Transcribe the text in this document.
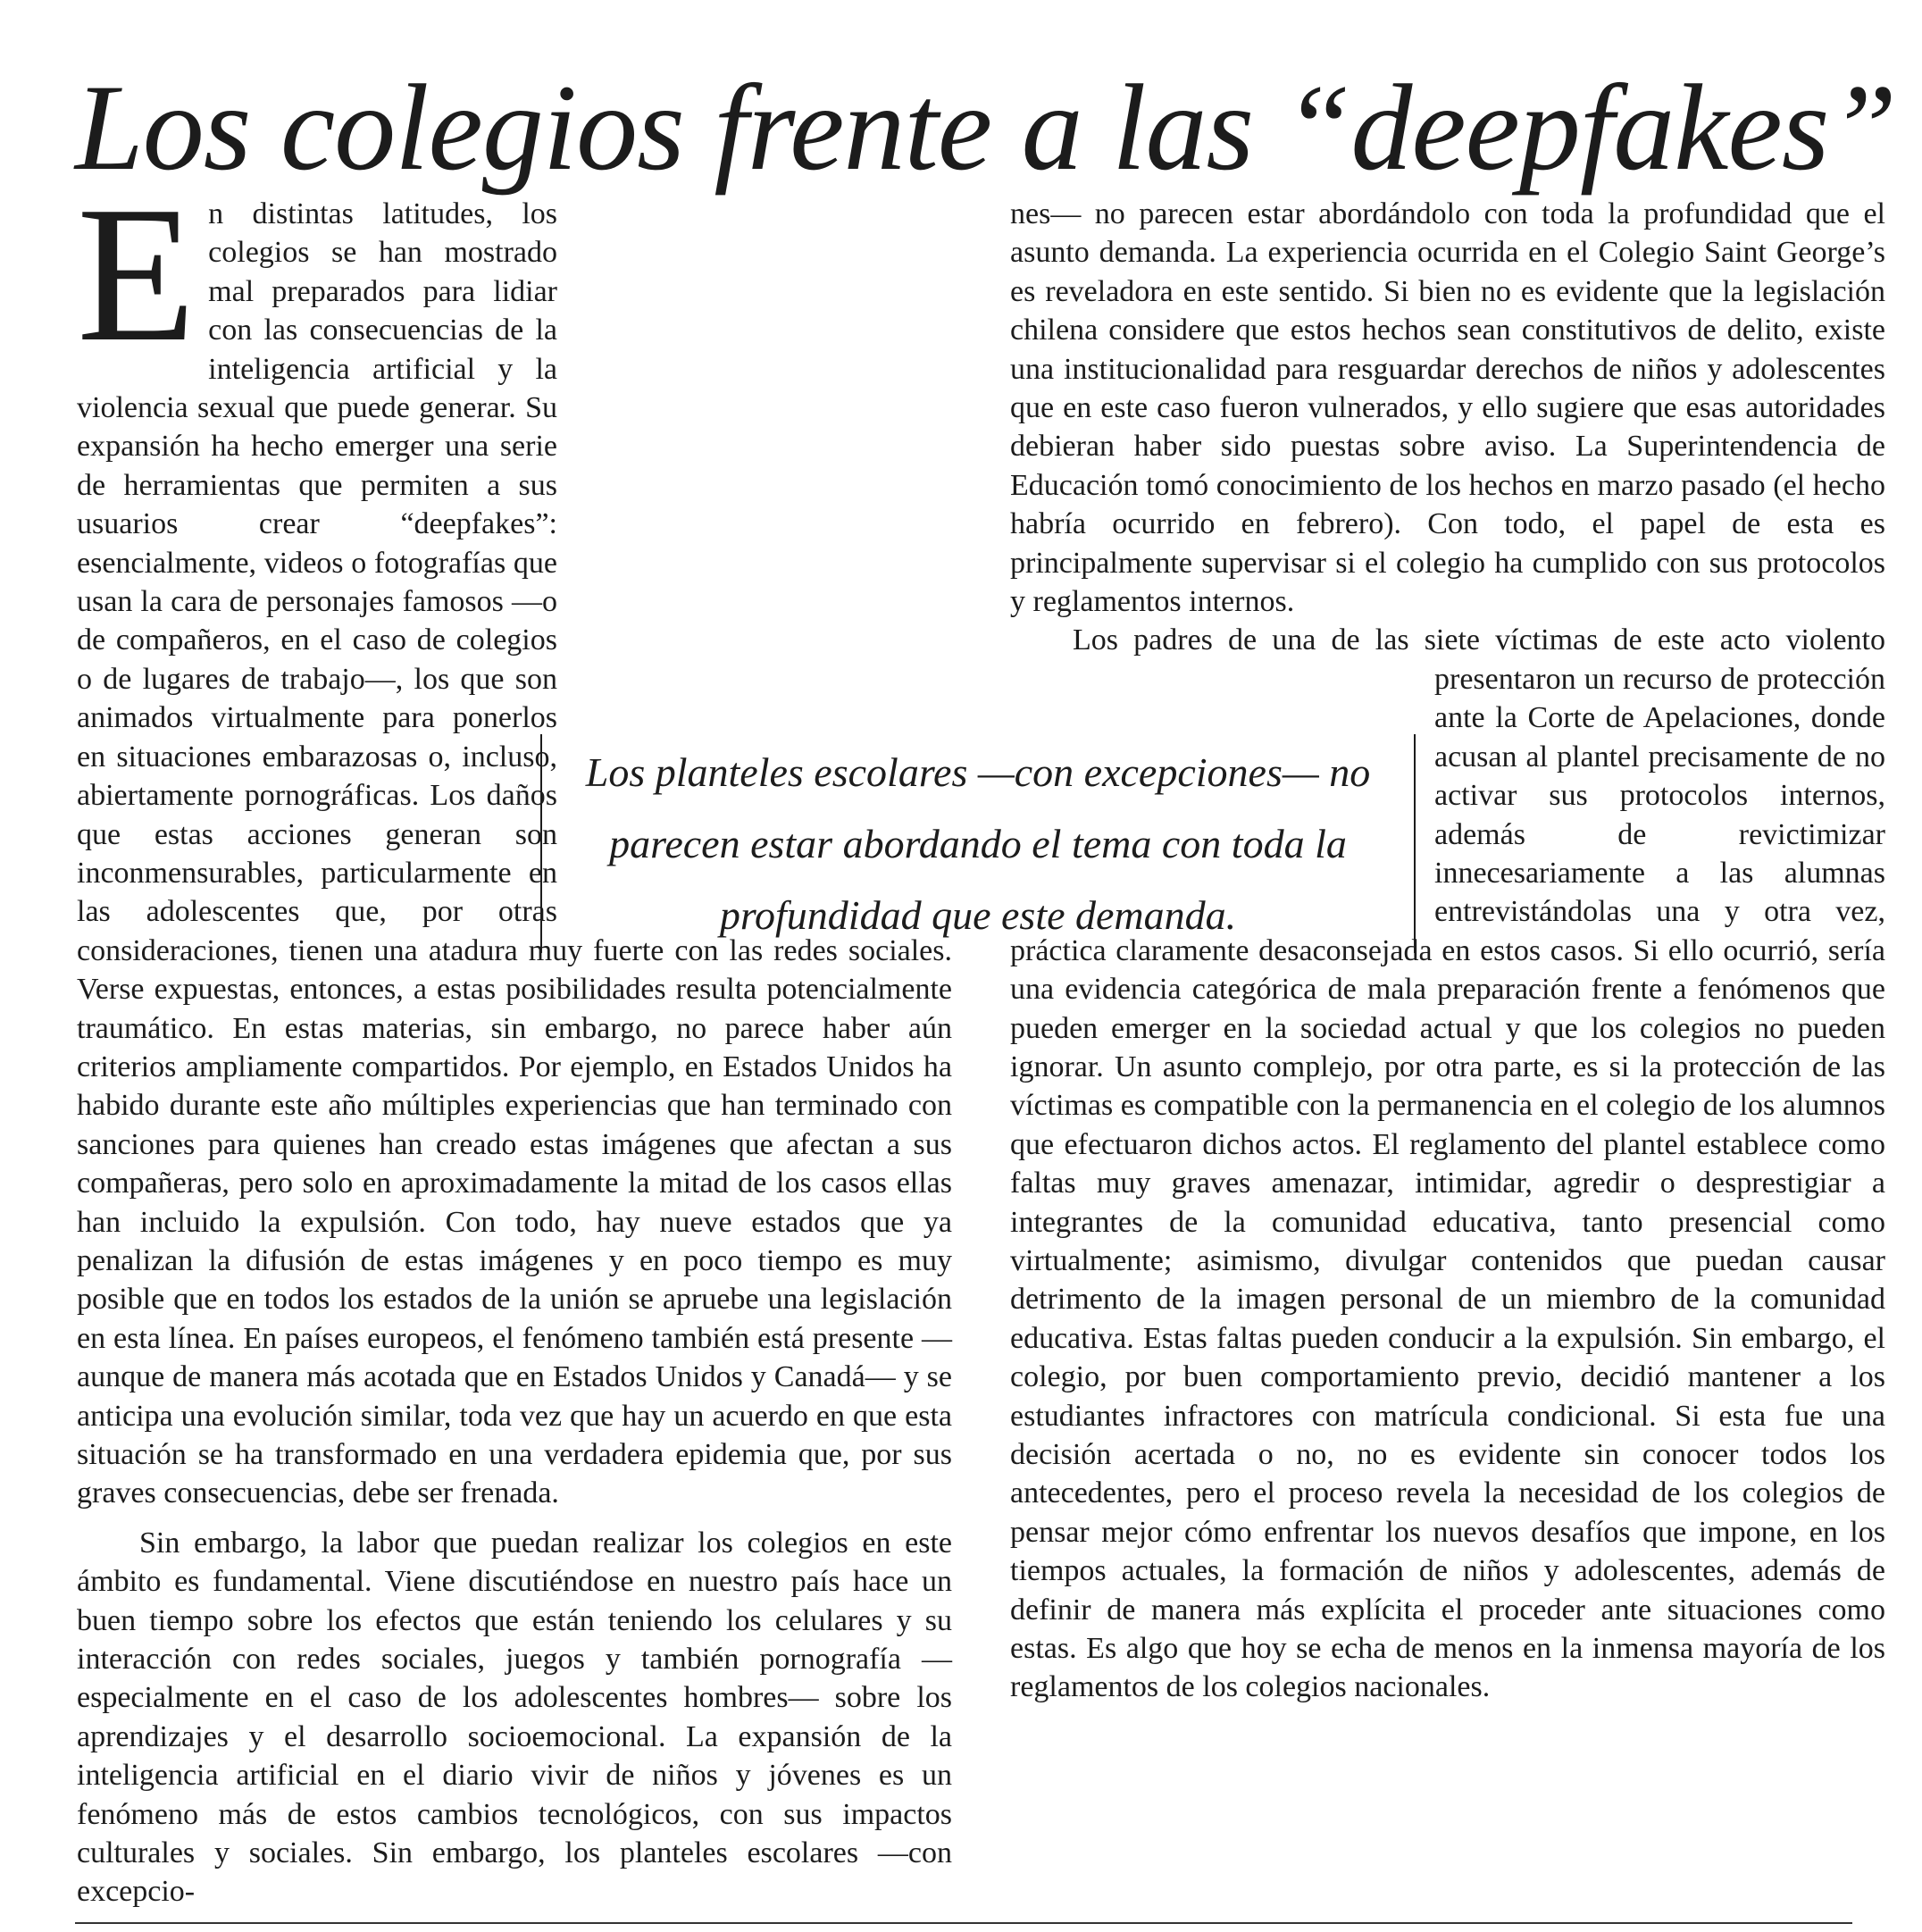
Los colegios frente a las “deepfakes”

En distintas latitudes, los colegios se han mostrado mal preparados para lidiar con las consecuencias de la inteligencia artificial y la violencia sexual que puede generar. Su expansión ha hecho emerger una serie de herramientas que permiten a sus usuarios crear “deepfakes”: esencialmente, videos o fotografías que usan la cara de personajes famosos —o de compañeros, en el caso de colegios o de lugares de trabajo—, los que son animados virtualmente para ponerlos en situaciones embarazosas o, incluso, abiertamente pornográficas. Los daños que estas acciones generan son inconmensurables, particularmente en las adolescentes que, por otras consideraciones, tienen una atadura muy fuerte con las redes sociales. Verse expuestas, entonces, a estas posibilidades resulta potencialmente traumático. En estas materias, sin embargo, no parece haber aún criterios ampliamente compartidos. Por ejemplo, en Estados Unidos ha habido durante este año múltiples experiencias que han terminado con sanciones para quienes han creado estas imágenes que afectan a sus compañeras, pero solo en aproximadamente la mitad de los casos ellas han incluido la expulsión. Con todo, hay nueve estados que ya penalizan la difusión de estas imágenes y en poco tiempo es muy posible que en todos los estados de la unión se apruebe una legislación en esta línea. En países europeos, el fenómeno también está presente —aunque de manera más acotada que en Estados Unidos y Canadá— y se anticipa una evolución similar, toda vez que hay un acuerdo en que esta situación se ha transformado en una verdadera epidemia que, por sus graves consecuencias, debe ser frenada.

Sin embargo, la labor que puedan realizar los colegios en este ámbito es fundamental. Viene discutiéndose en nuestro país hace un buen tiempo sobre los efectos que están teniendo los celulares y su interacción con redes sociales, juegos y también pornografía —especialmente en el caso de los adolescentes hombres— sobre los aprendizajes y el desarrollo socioemocional. La expansión de la inteligencia artificial en el diario vivir de niños y jóvenes es un fenómeno más de estos cambios tecnológicos, con sus impactos culturales y sociales. Sin embargo, los planteles escolares —con excepcio-

nes— no parecen estar abordándolo con toda la profundidad que el asunto demanda. La experiencia ocurrida en el Colegio Saint George’s es reveladora en este sentido. Si bien no es evidente que la legislación chilena considere que estos hechos sean constitutivos de delito, existe una institucionalidad para resguardar derechos de niños y adolescentes que en este caso fueron vulnerados, y ello sugiere que esas autoridades debieran haber sido puestas sobre aviso. La Superintendencia de Educación tomó conocimiento de los hechos en marzo pasado (el hecho habría ocurrido en febrero). Con todo, el papel de esta es principalmente supervisar si el colegio ha cumplido con sus protocolos y reglamentos internos.

Los padres de una de las siete víctimas de este acto violento presentaron un recurso de protección ante la Corte de Apelaciones, donde acusan al plantel precisamente de no activar sus protocolos internos, además de revictimizar innecesariamente a las alumnas entrevistándolas una y otra vez, práctica claramente desaconsejada en estos casos. Si ello ocurrió, sería una evidencia categórica de mala preparación frente a fenómenos que pueden emerger en la sociedad actual y que los colegios no pueden ignorar. Un asunto complejo, por otra parte, es si la protección de las víctimas es compatible con la permanencia en el colegio de los alumnos que efectuaron dichos actos. El reglamento del plantel establece como faltas muy graves amenazar, intimidar, agredir o desprestigiar a integrantes de la comunidad educativa, tanto presencial como virtualmente; asimismo, divulgar contenidos que puedan causar detrimento de la imagen personal de un miembro de la comunidad educativa. Estas faltas pueden conducir a la expulsión. Sin embargo, el colegio, por buen comportamiento previo, decidió mantener a los estudiantes infractores con matrícula condicional. Si esta fue una decisión acertada o no, no es evidente sin conocer todos los antecedentes, pero el proceso revela la necesidad de los colegios de pensar mejor cómo enfrentar los nuevos desafíos que impone, en los tiempos actuales, la formación de niños y adolescentes, además de definir de manera más explícita el proceder ante situaciones como estas. Es algo que hoy se echa de menos en la inmensa mayoría de los reglamentos de los colegios nacionales.

Los planteles escolares —con excepciones— no parecen estar abordando el tema con toda la profundidad que este demanda.
